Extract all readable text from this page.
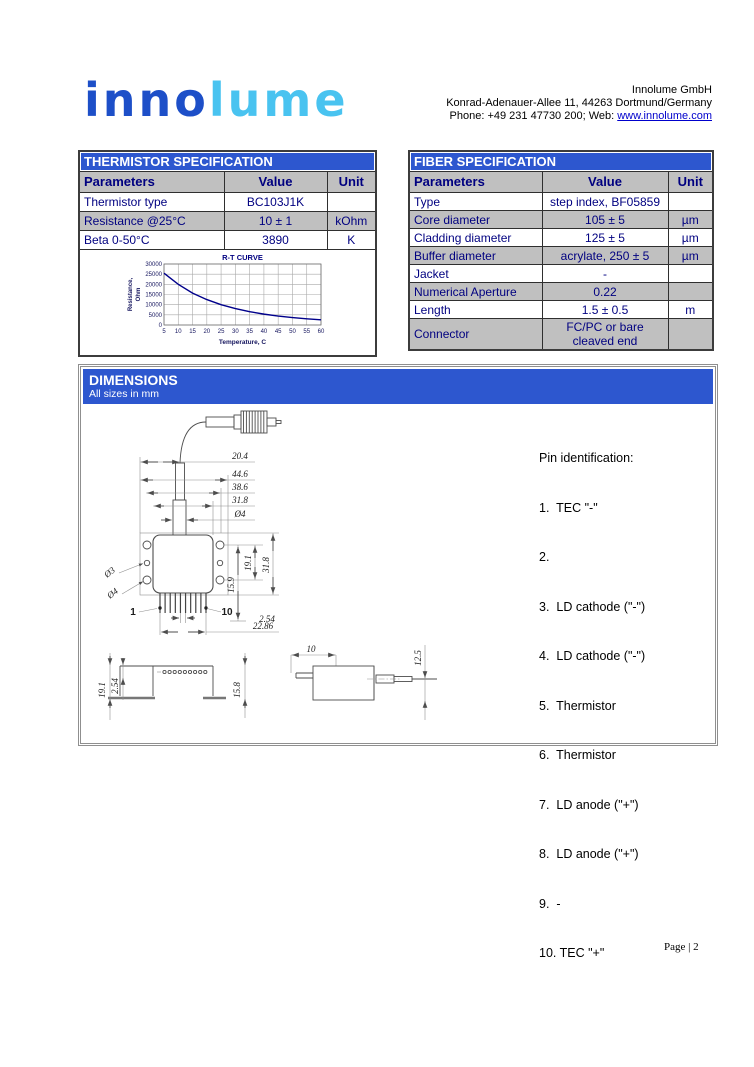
innolume	Innolume GmbH
Konrad-Adenauer-Allee 11, 44263 Dortmund/Germany
Phone: +49 231 47730 200; Web: www.innolume.com
THERMISTOR SPECIFICATION		
Parameters	Value	Unit
Thermistor type	BC103J1K	
Resistance @25°C	10 ± 1	kOhm
Beta 0-50°C	3890	K

5 10 15 20 25 30 35 40 45 50 55 60
0
5000
10000
15000
20000
25000
30000
R-T CURVE
Resistance, Ohm
Temperature, C
FIBER SPECIFICATION		
Parameters	Value	Unit
Type	step index, BF05859	
Core diameter	105 ± 5	µm
Cladding diameter	125 ± 5	µm
Buffer diameter	acrylate, 250 ± 5	µm
Jacket	-	
Numerical Aperture	0.22	
Length	1.5 ± 0.5	m
Connector	FC/PC or bare cleaved end	
DIMENSIONS
All sizes in mm

Pin identification:

1.  TEC "-"

2.

3.  LD cathode ("-")

4.  LD cathode ("-")

5.  Thermistor

6.  Thermistor

7.  LD anode ("+")

8.  LD anode ("+")

9.  -

10. TEC "+"

20.4
44.6
38.6
31.8
Ø4
Ø3
Ø4
1	10
2.54
22.86
15.9
19.1 31.8
19.1 2.54	15.8
10
12.5
Page | 2
